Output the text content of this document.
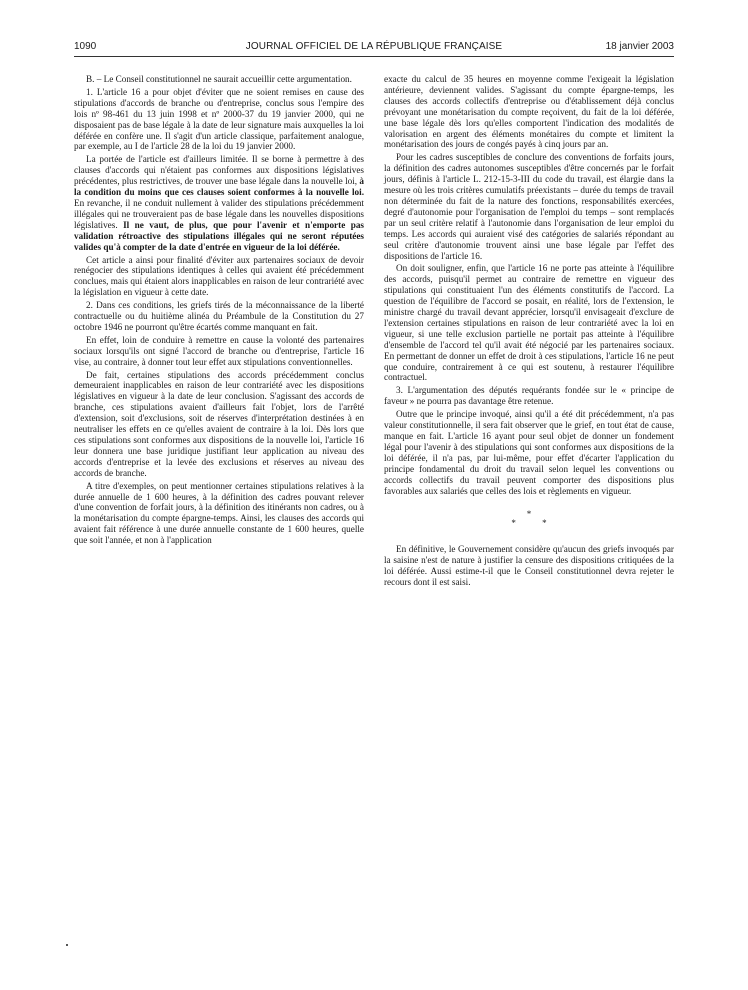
1090	JOURNAL OFFICIEL DE LA RÉPUBLIQUE FRANÇAISE	18 janvier 2003

B. – Le Conseil constitutionnel ne saurait accueillir cette argumentation.

1. L'article 16 a pour objet d'éviter que ne soient remises en cause des stipulations d'accords de branche ou d'entreprise, conclus sous l'empire des lois nº 98-461 du 13 juin 1998 et nº 2000-37 du 19 janvier 2000, qui ne disposaient pas de base légale à la date de leur signature mais auxquelles la loi déférée en confère une. Il s'agit d'un article classique, parfaitement analogue, par exemple, au I de l'article 28 de la loi du 19 janvier 2000.

La portée de l'article est d'ailleurs limitée. Il se borne à permettre à des clauses d'accords qui n'étaient pas conformes aux dispositions législatives précédentes, plus restrictives, de trouver une base légale dans la nouvelle loi, à la condition du moins que ces clauses soient conformes à la nouvelle loi. En revanche, il ne conduit nullement à valider des stipulations précédemment illégales qui ne trouveraient pas de base légale dans les nouvelles dispositions législatives. Il ne vaut, de plus, que pour l'avenir et n'emporte pas validation rétroactive des stipulations illégales qui ne seront réputées valides qu'à compter de la date d'entrée en vigueur de la loi déférée.

Cet article a ainsi pour finalité d'éviter aux partenaires sociaux de devoir renégocier des stipulations identiques à celles qui avaient été précédemment conclues, mais qui étaient alors inapplicables en raison de leur contrariété avec la législation en vigueur à cette date.

2. Dans ces conditions, les griefs tirés de la méconnaissance de la liberté contractuelle ou du huitième alinéa du Préambule de la Constitution du 27 octobre 1946 ne pourront qu'être écartés comme manquant en fait.

En effet, loin de conduire à remettre en cause la volonté des partenaires sociaux lorsqu'ils ont signé l'accord de branche ou d'entreprise, l'article 16 vise, au contraire, à donner tout leur effet aux stipulations conventionnelles.

De fait, certaines stipulations des accords précédemment conclus demeuraient inapplicables en raison de leur contrariété avec les dispositions législatives en vigueur à la date de leur conclusion. S'agissant des accords de branche, ces stipulations avaient d'ailleurs fait l'objet, lors de l'arrêté d'extension, soit d'exclusions, soit de réserves d'interprétation destinées à en neutraliser les effets en ce qu'elles avaient de contraire à la loi. Dès lors que ces stipulations sont conformes aux dispositions de la nouvelle loi, l'article 16 leur donnera une base juridique justifiant leur application au niveau des accords d'entreprise et la levée des exclusions et réserves au niveau des accords de branche.

A titre d'exemples, on peut mentionner certaines stipulations relatives à la durée annuelle de 1 600 heures, à la définition des cadres pouvant relever d'une convention de forfait jours, à la définition des itinérants non cadres, ou à la monétarisation du compte épargne-temps. Ainsi, les clauses des accords qui avaient fait référence à une durée annuelle constante de 1 600 heures, quelle que soit l'année, et non à l'application

exacte du calcul de 35 heures en moyenne comme l'exigeait la législation antérieure, deviennent valides. S'agissant du compte épargne-temps, les clauses des accords collectifs d'entreprise ou d'établissement déjà conclus prévoyant une monétarisation du compte reçoivent, du fait de la loi déférée, une base légale dès lors qu'elles comportent l'indication des modalités de valorisation en argent des éléments monétaires du compte et limitent la monétarisation des jours de congés payés à cinq jours par an.

Pour les cadres susceptibles de conclure des conventions de forfaits jours, la définition des cadres autonomes susceptibles d'être concernés par le forfait jours, définis à l'article L. 212-15-3-III du code du travail, est élargie dans la mesure où les trois critères cumulatifs préexistants – durée du temps de travail non déterminée du fait de la nature des fonctions, responsabilités exercées, degré d'autonomie pour l'organisation de l'emploi du temps – sont remplacés par un seul critère relatif à l'autonomie dans l'organisation de leur emploi du temps. Les accords qui auraient visé des catégories de salariés répondant au seul critère d'autonomie trouvent ainsi une base légale par l'effet des dispositions de l'article 16.

On doit souligner, enfin, que l'article 16 ne porte pas atteinte à l'équilibre des accords, puisqu'il permet au contraire de remettre en vigueur des stipulations qui constituaient l'un des éléments constitutifs de l'accord. La question de l'équilibre de l'accord se posait, en réalité, lors de l'extension, le ministre chargé du travail devant apprécier, lorsqu'il envisageait d'exclure de l'extension certaines stipulations en raison de leur contrariété avec la loi en vigueur, si une telle exclusion partielle ne portait pas atteinte à l'équilibre d'ensemble de l'accord tel qu'il avait été négocié par les partenaires sociaux. En permettant de donner un effet de droit à ces stipulations, l'article 16 ne peut que conduire, contrairement à ce qui est soutenu, à restaurer l'équilibre contractuel.

3. L'argumentation des députés requérants fondée sur le « principe de faveur » ne pourra pas davantage être retenue.

Outre que le principe invoqué, ainsi qu'il a été dit précédemment, n'a pas valeur constitutionnelle, il sera fait observer que le grief, en tout état de cause, manque en fait. L'article 16 ayant pour seul objet de donner un fondement légal pour l'avenir à des stipulations qui sont conformes aux dispositions de la loi déférée, il n'a pas, par lui-même, pour effet d'écarter l'application du principe fondamental du droit du travail selon lequel les conventions ou accords collectifs du travail peuvent comporter des dispositions plus favorables aux salariés que celles des lois et règlements en vigueur.

*
* *

En définitive, le Gouvernement considère qu'aucun des griefs invoqués par la saisine n'est de nature à justifier la censure des dispositions critiquées de la loi déférée. Aussi estime-t-il que le Conseil constitutionnel devra rejeter le recours dont il est saisi.
